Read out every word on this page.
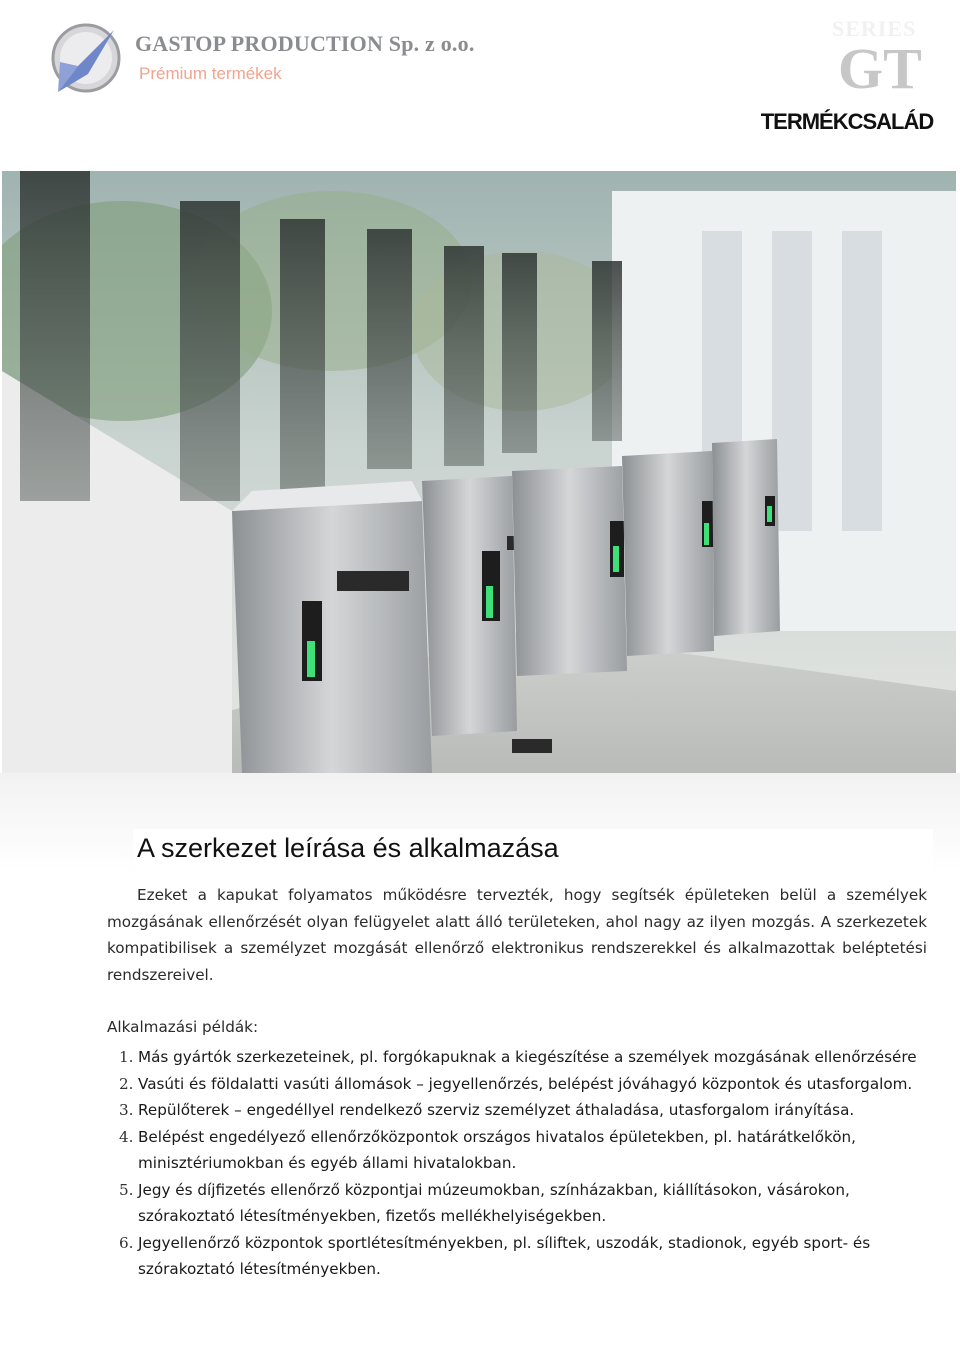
GASTOP PRODUCTION Sp. z o.o.
Prémium termékek
SERIES
GT
TERMÉKCSALÁD
A szerkezet leírása és alkalmazása

Ezeket a kapukat folyamatos működésre tervezték, hogy segítsék épületeken belül a személyek mozgásának ellenőrzését olyan felügyelet alatt álló területeken, ahol nagy az ilyen mozgás. A szerkezetek kompatibilisek a személyzet mozgását ellenőrző elektronikus rendszerekkel és alkalmazottak beléptetési rendszereivel.

Alkalmazási példák:
1. Más gyártók szerkezeteinek, pl. forgókapuknak a kiegészítése a személyek mozgásának ellenőrzésére
2. Vasúti és földalatti vasúti állomások – jegyellenőrzés, belépést jóváhagyó központok és utasforgalom.
3. Repülőterek – engedéllyel rendelkező szerviz személyzet áthaladása, utasforgalom irányítása.
4. Belépést engedélyező ellenőrzőközpontok országos hivatalos épületekben, pl. határátkelőkön, minisztériumokban és egyéb állami hivatalokban.
5. Jegy és díjfizetés ellenőrző központjai múzeumokban, színházakban, kiállításokon, vásárokon, szórakoztató létesítményekben, fizetős mellékhelyiségekben.
6. Jegyellenőrző központok sportlétesítményekben, pl. síliftek, uszodák, stadionok, egyéb sport- és szórakoztató létesítményekben.
